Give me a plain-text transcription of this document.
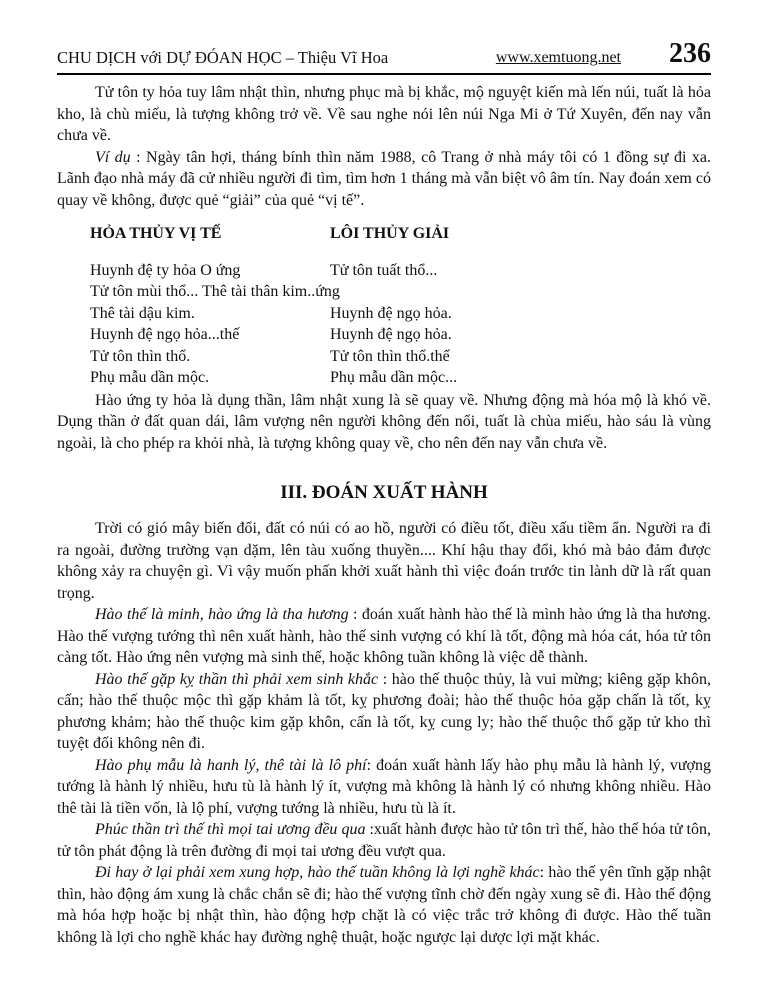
CHU DỊCH với DỰ ĐÓAN HỌC – Thiệu Vĩ Hoa	www.xemtuong.net 236

Tử tôn ty hỏa tuy lâm nhật thìn, nhưng phục mà bị khắc, mộ nguyệt kiến mà lến núi, tuất là hỏa kho, là chù miếu, là tượng không trở về. Về sau nghe nói lên núi Nga Mi ở Tứ Xuyên, đến nay vẫn chưa về.

Ví dụ : Ngày tân hợi, tháng bính thìn năm 1988, cô Trang ở nhà máy tôi có 1 đồng sự đi xa. Lãnh đạo nhà máy đã cử nhiều người đi tìm, tìm hơn 1 tháng mà vẫn biệt vô âm tín. Nay đoán xem có quay về không, được quẻ “giải” của quẻ “vị tế”.

HỎA THỦY VỊ TẾ	LÔI THỦY GIẢI
Huynh đệ ty hỏa O ứng	Tử tôn tuất thổ...
Tử tôn mùi thổ... Thê tài thân kim..ứng
Thê tài dậu kim.	Huynh đệ ngọ hỏa.
Huynh đệ ngọ hỏa...thế	Huynh đệ ngọ hỏa.
Tử tôn thìn thổ.	Tử tôn thìn thổ.thế
Phụ mẫu dần mộc.	Phụ mẫu dần mộc...

Hào ứng ty hỏa là dụng thần, lâm nhật xung là sẽ quay về. Nhưng động mà hóa mộ là khó về. Dụng thần ở đất quan dái, lâm vượng nên người không đến nổi, tuất là chùa miếu, hào sáu là vùng ngoài, là cho phép ra khỏi nhà, là tượng không quay về, cho nên đến nay vẫn chưa về.

III. ĐOÁN XUẤT HÀNH

Trời có gió mây biến đổi, đất có núi có ao hồ, người có điều tốt, điều xấu tiềm ẩn. Người ra đi ra ngoài, đường trường vạn dặm, lên tàu xuống thuyền.... Khí hậu thay đổi, khó mà bảo đảm được không xảy ra chuyện gì. Vì vậy muốn phấn khởi xuất hành thì việc đoán trước tin lành dữ là rất quan trọng.

Hào thế là minh, hào ứng là tha hương : đoán xuất hành hào thế là mình hào ứng là tha hương. Hào thế vượng tướng thì nên xuất hành, hào thế sinh vượng có khí là tốt, động mà hóa cát, hóa tử tôn càng tốt. Hào ứng nên vượng mà sinh thế, hoặc không tuần không là việc dễ thành.

Hào thế gặp kỵ thần thì phải xem sinh khắc : hào thế thuộc thủy, là vui mừng; kiêng gặp khôn, cấn; hào thế thuộc mộc thì gặp khảm là tốt, kỵ phương đoài; hào thế thuộc hỏa gặp chấn là tốt, kỵ phương khảm; hào thế thuộc kim gặp khôn, cấn là tốt, kỵ cung ly; hào thế thuộc thổ gặp tử kho thì tuyệt đối không nên đi.

Hào phụ mẫu là hanh lý, thê tài là lô phí: đoán xuất hành lấy hào phụ mẫu là hành lý, vượng tướng là hành lý nhiều, hưu tù là hành lý ít, vượng mà không là hành lý có nhưng không nhiều. Hào thê tài là tiền vốn, là lộ phí, vượng tướng là nhiều, hưu tù là ít.

Phúc thần trì thế thì mọi tai ương đều qua :xuất hành được hào tử tôn trì thế, hào thế hóa tử tôn, tử tôn phát động là trên đường đi mọi tai ương đều vượt qua.

Đi hay ở lại phải xem xung hợp, hào thế tuần không là lợi nghề khác: hào thế yên tĩnh gặp nhật thìn, hào động ám xung là chắc chắn sẽ đi; hào thế vượng tĩnh chờ đến ngày xung sẽ đi. Hào thế động mà hóa hợp hoặc bị nhật thìn, hào động hợp chặt là có việc trắc trở không đi được. Hào thế tuần không là lợi cho nghề khác hay đường nghệ thuật, hoặc ngược lại dược lợi mặt khác.
